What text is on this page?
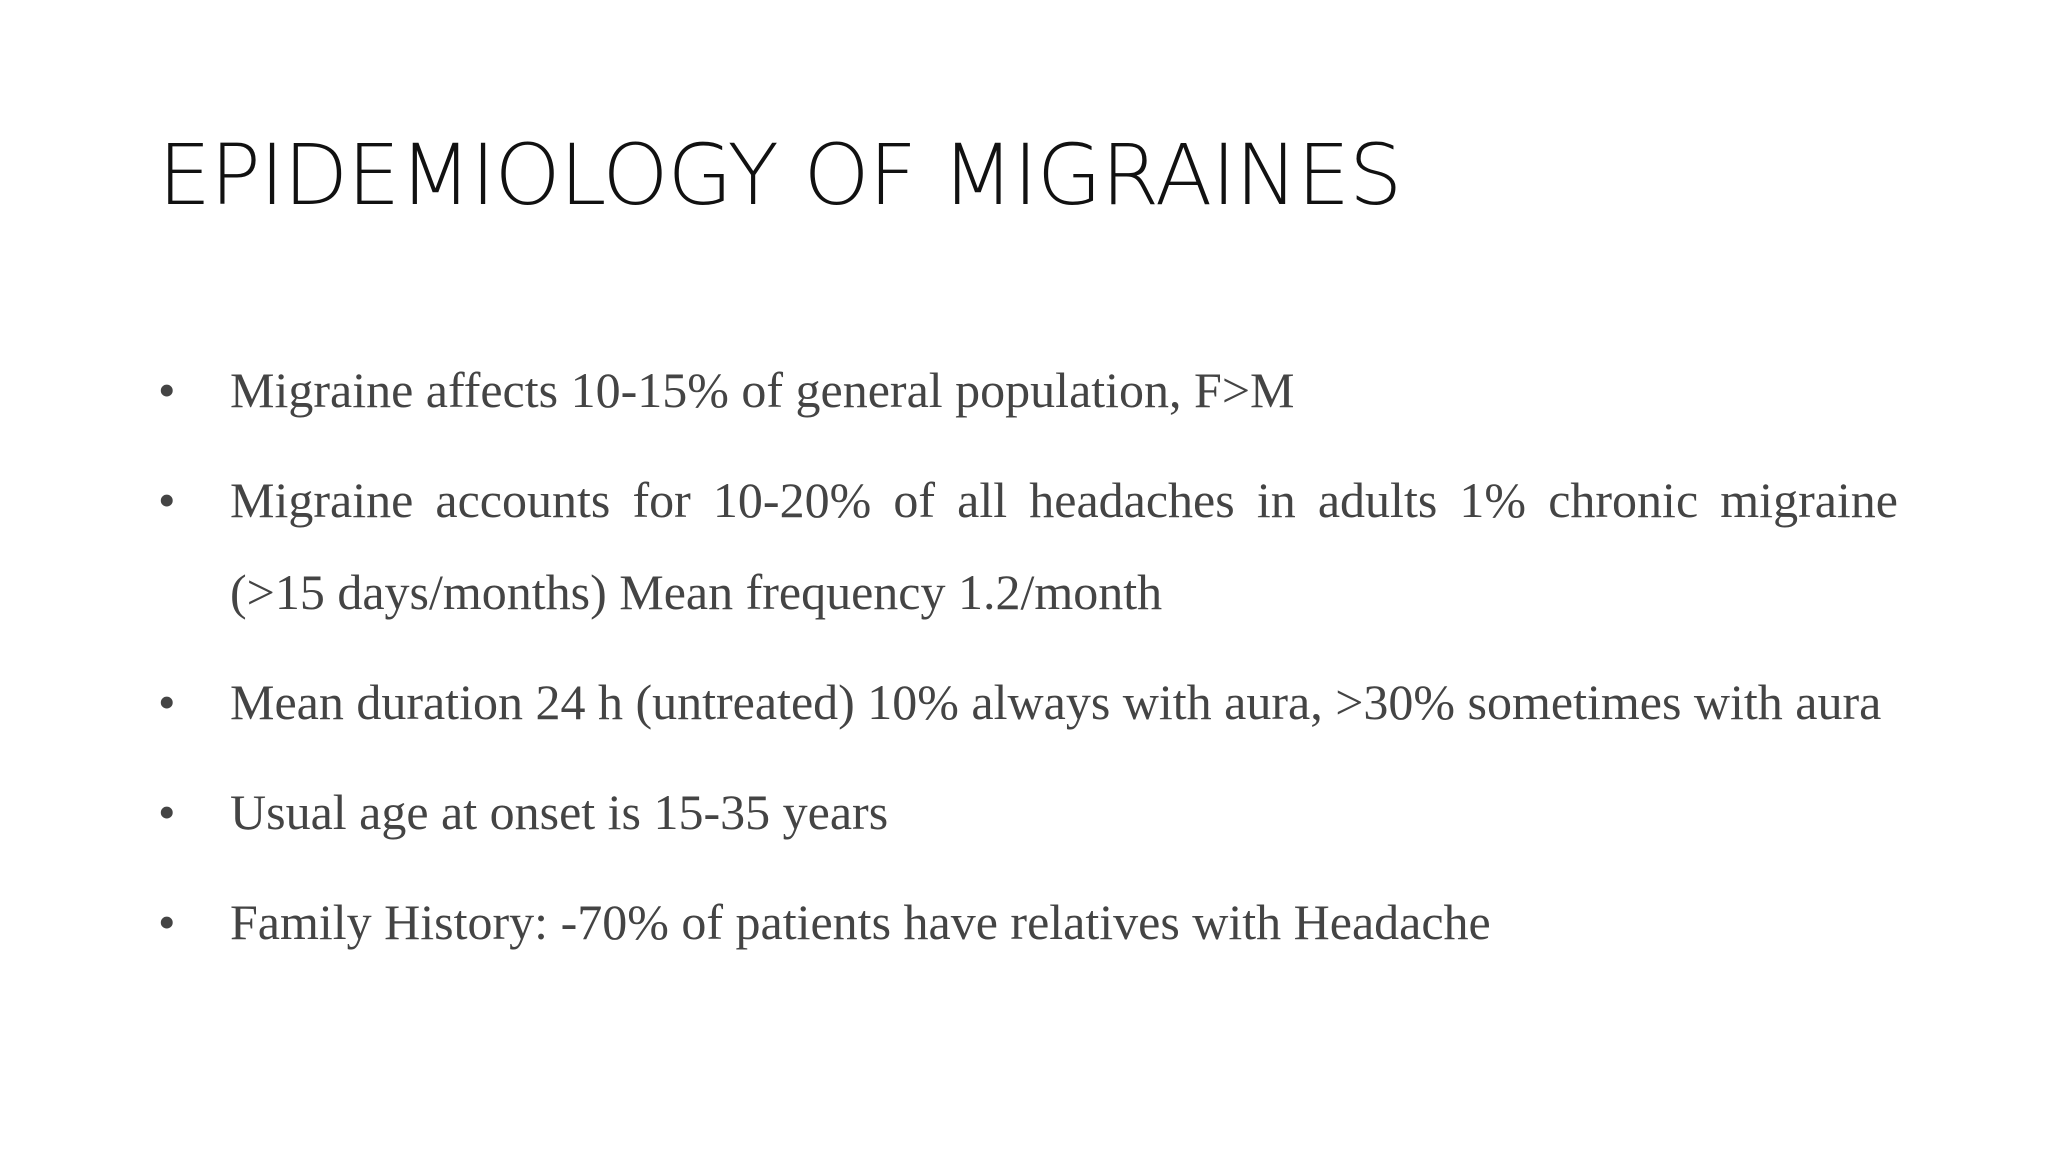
EPIDEMIOLOGY OF MIGRAINES
• Migraine affects 10-15% of general population, F>M
• Migraine accounts for 10-20% of all headaches in adults 1% chronic migraine (>15 days/months) Mean frequency 1.2/month
• Mean duration 24 h (untreated) 10% always with aura, >30% sometimes with aura
• Usual age at onset is 15-35 years
• Family History: -70% of patients have relatives with Headache
